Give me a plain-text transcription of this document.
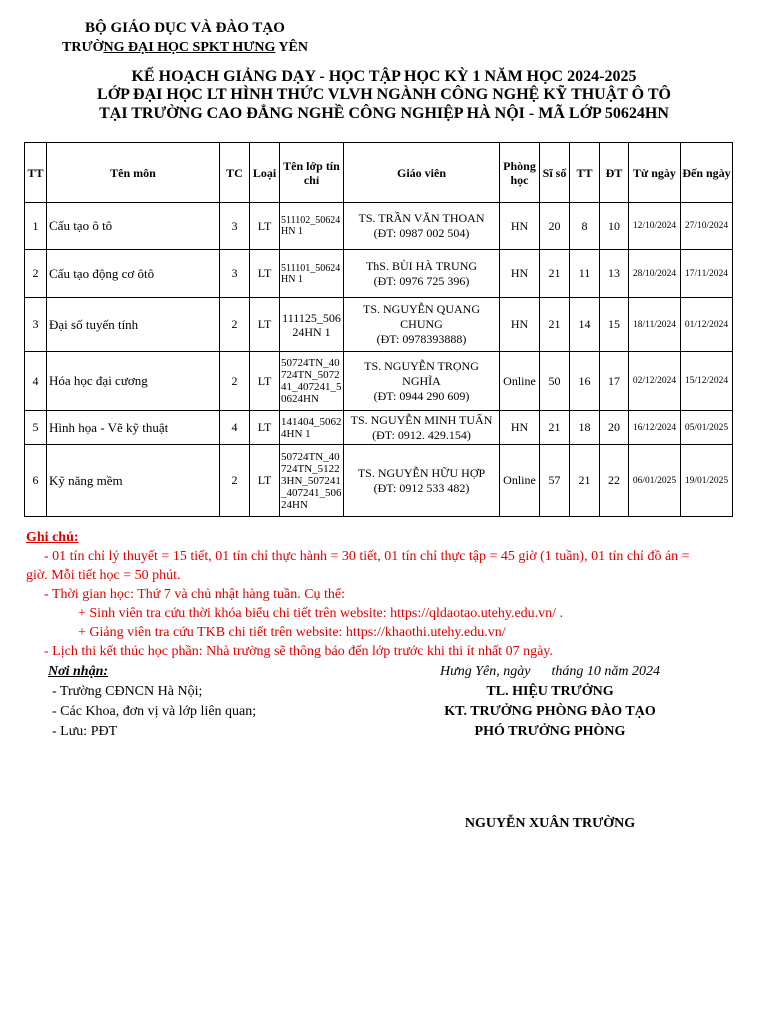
BỘ GIÁO DỤC VÀ ĐÀO TẠO
TRƯỜNG ĐẠI HỌC SPKT HƯNG YÊN
KẾ HOẠCH GIẢNG DẠY - HỌC TẬP HỌC KỲ 1 NĂM HỌC 2024-2025
LỚP ĐẠI HỌC LT HÌNH THỨC VLVH NGÀNH CÔNG NGHỆ KỸ THUẬT Ô TÔ
TẠI TRƯỜNG CAO ĐẲNG NGHỀ CÔNG NGHIỆP HÀ NỘI - MÃ LỚP 50624HN
TT	Tên môn	TC	Loại	Tên lớp tín chỉ	Giáo viên	Phòng học	Sĩ số	TT	ĐT	Từ ngày	Đến ngày
1	Cấu tạo ô tô	3	LT	511102_50624HN 1	TS. TRẦN VĂN THOAN
(ĐT: 0987 002 504)	HN	20	8	10	12/10/2024	27/10/2024
2	Cấu tạo động cơ ôtô	3	LT	511101_50624HN 1	ThS. BÙI HÀ TRUNG
(ĐT: 0976 725 396)	HN	21	11	13	28/10/2024	17/11/2024
3	Đại số tuyến tính	2	LT	111125_50624HN 1	TS. NGUYỄN QUANG CHUNG
(ĐT: 0978393888)	HN	21	14	15	18/11/2024	01/12/2024
4	Hóa học đại cương	2	LT	50724TN_40724TN_507241_407241_50624HN	TS. NGUYỄN TRỌNG NGHĨA
(ĐT: 0944 290 609)	Online	50	16	17	02/12/2024	15/12/2024
5	Hình họa - Vẽ kỹ thuật	4	LT	141404_50624HN 1	TS. NGUYỄN MINH TUẤN
(ĐT: 0912. 429.154)	HN	21	18	20	16/12/2024	05/01/2025
6	Kỹ năng mềm	2	LT	50724TN_40724TN_51223HN_507241_407241_50624HN	TS. NGUYỄN HỮU HỢP
(ĐT: 0912 533 482)	Online	57	21	22	06/01/2025	19/01/2025
Ghi chú:
- 01 tín chỉ lý thuyết = 15 tiết, 01 tín chỉ thực hành = 30 tiết, 01 tín chỉ thực tập = 45 giờ (1 tuần), 01 tín chỉ đồ án =
giờ. Mỗi tiết học = 50 phút.
- Thời gian học: Thứ 7 và chủ nhật hàng tuần. Cụ thể:
+ Sinh viên tra cứu thời khóa biểu chi tiết trên website: https://qldaotao.utehy.edu.vn/ .
+ Giảng viên tra cứu TKB chi tiết trên website: https://khaothi.utehy.edu.vn/
- Lịch thi kết thúc học phần: Nhà trường sẽ thông báo đến lớp trước khi thi ít nhất 07 ngày.
Nơi nhận:
- Trường CĐNCN Hà Nội;
- Các Khoa, đơn vị và lớp liên quan;
- Lưu: PĐT
Hưng Yên, ngày      tháng 10 năm 2024
TL. HIỆU TRƯỞNG
KT. TRƯỞNG PHÒNG ĐÀO TẠO
PHÓ TRƯỞNG PHÒNG
NGUYỄN XUÂN TRƯỜNG
